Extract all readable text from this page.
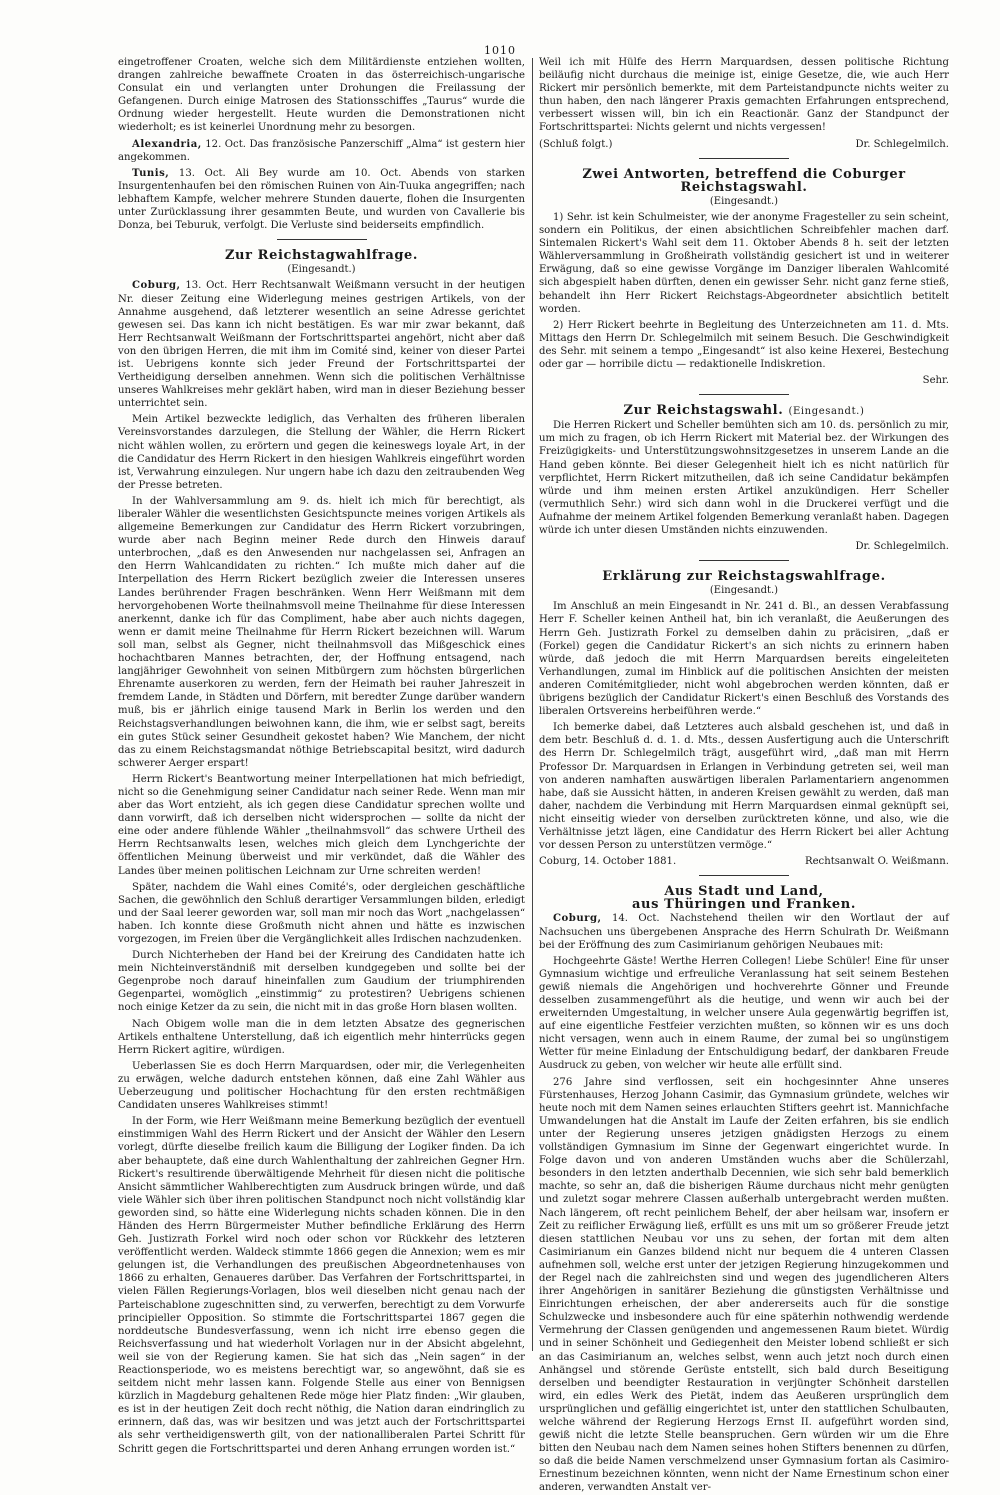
1010

eingetroffener Croaten, welche sich dem Militärdienste entziehen wollten, drangen zahlreiche bewaffnete Croaten in das österreichisch-ungarische Consulat ein und verlangten unter Drohungen die Freilassung der Gefangenen. Durch einige Matrosen des Stationsschiffes „Taurus“ wurde die Ordnung wieder hergestellt. Heute wurden die Demonstrationen nicht wiederholt; es ist keinerlei Unordnung mehr zu besorgen.

Alexandria, 12. Oct. Das französische Panzerschiff „Alma“ ist gestern hier angekommen.

Tunis, 13. Oct. Ali Bey wurde am 10. Oct. Abends von starken Insurgentenhaufen bei den römischen Ruinen von Ain-Tuuka angegriffen; nach lebhaftem Kampfe, welcher mehrere Stunden dauerte, flohen die Insurgenten unter Zurücklassung ihrer gesammten Beute, und wurden von Cavallerie bis Donza, bei Teburuk, verfolgt. Die Verluste sind beiderseits empfindlich.

Zur Reichstagwahlfrage.

(Eingesandt.)

Coburg, 13. Oct. Herr Rechtsanwalt Weißmann versucht in der heutigen Nr. dieser Zeitung eine Widerlegung meines gestrigen Artikels, von der Annahme ausgehend, daß letzterer wesentlich an seine Adresse gerichtet gewesen sei. Das kann ich nicht bestätigen. Es war mir zwar bekannt, daß Herr Rechtsanwalt Weißmann der Fortschrittspartei angehört, nicht aber daß von den übrigen Herren, die mit ihm im Comité sind, keiner von dieser Partei ist. Uebrigens konnte sich jeder Freund der Fortschrittspartei der Vertheidigung derselben annehmen. Wenn sich die politischen Verhältnisse unseres Wahlkreises mehr geklärt haben, wird man in dieser Beziehung besser unterrichtet sein.

Mein Artikel bezweckte lediglich, das Verhalten des früheren liberalen Vereinsvorstandes darzulegen, die Stellung der Wähler, die Herrn Rickert nicht wählen wollen, zu erörtern und gegen die keineswegs loyale Art, in der die Candidatur des Herrn Rickert in den hiesigen Wahlkreis eingeführt worden ist, Verwahrung einzulegen. Nur ungern habe ich dazu den zeitraubenden Weg der Presse betreten.

In der Wahlversammlung am 9. ds. hielt ich mich für berechtigt, als liberaler Wähler die wesentlichsten Gesichtspuncte meines vorigen Artikels als allgemeine Bemerkungen zur Candidatur des Herrn Rickert vorzubringen, wurde aber nach Beginn meiner Rede durch den Hinweis darauf unterbrochen, „daß es den Anwesenden nur nachgelassen sei, Anfragen an den Herrn Wahlcandidaten zu richten.“ Ich mußte mich daher auf die Interpellation des Herrn Rickert bezüglich zweier die Interessen unseres Landes berührender Fragen beschränken. Wenn Herr Weißmann mit dem hervorgehobenen Worte theilnahmsvoll meine Theilnahme für diese Interessen anerkennt, danke ich für das Compliment, habe aber auch nichts dagegen, wenn er damit meine Theilnahme für Herrn Rickert bezeichnen will. Warum soll man, selbst als Gegner, nicht theilnahmsvoll das Mißgeschick eines hochachtbaren Mannes betrachten, der, der Hoffnung entsagend, nach langjähriger Gewohnheit von seinen Mitbürgern zum höchsten bürgerlichen Ehrenamte auserkoren zu werden, fern der Heimath bei rauher Jahreszeit in fremdem Lande, in Städten und Dörfern, mit beredter Zunge darüber wandern muß, bis er jährlich einige tausend Mark in Berlin los werden und den Reichstagsverhandlungen beiwohnen kann, die ihm, wie er selbst sagt, bereits ein gutes Stück seiner Gesundheit gekostet haben? Wie Manchem, der nicht das zu einem Reichstagsmandat nöthige Betriebscapital besitzt, wird dadurch schwerer Aerger erspart!

Herrn Rickert's Beantwortung meiner Interpellationen hat mich befriedigt, nicht so die Genehmigung seiner Candidatur nach seiner Rede. Wenn man mir aber das Wort entzieht, als ich gegen diese Candidatur sprechen wollte und dann vorwirft, daß ich derselben nicht widersprochen — sollte da nicht der eine oder andere fühlende Wähler „theilnahmsvoll“ das schwere Urtheil des Herrn Rechtsanwalts lesen, welches mich gleich dem Lynchgerichte der öffentlichen Meinung überweist und mir verkündet, daß die Wähler des Landes über meinen politischen Leichnam zur Urne schreiten werden!

Später, nachdem die Wahl eines Comité's, oder dergleichen geschäftliche Sachen, die gewöhnlich den Schluß derartiger Versammlungen bilden, erledigt und der Saal leerer geworden war, soll man mir noch das Wort „nachgelassen“ haben. Ich konnte diese Großmuth nicht ahnen und hätte es inzwischen vorgezogen, im Freien über die Vergänglichkeit alles Irdischen nachzudenken.

Durch Nichterheben der Hand bei der Kreirung des Candidaten hatte ich mein Nichteinverständniß mit derselben kundgegeben und sollte bei der Gegenprobe noch darauf hineinfallen zum Gaudium der triumphirenden Gegenpartei, womöglich „einstimmig“ zu protestiren? Uebrigens schienen noch einige Ketzer da zu sein, die nicht mit in das große Horn blasen wollten.

Nach Obigem wolle man die in dem letzten Absatze des gegnerischen Artikels enthaltene Unterstellung, daß ich eigentlich mehr hinterrücks gegen Herrn Rickert agitire, würdigen.

Ueberlassen Sie es doch Herrn Marquardsen, oder mir, die Verlegenheiten zu erwägen, welche dadurch entstehen können, daß eine Zahl Wähler aus Ueberzeugung und politischer Hochachtung für den ersten rechtmäßigen Candidaten unseres Wahlkreises stimmt!

In der Form, wie Herr Weißmann meine Bemerkung bezüglich der eventuell einstimmigen Wahl des Herrn Rickert und der Ansicht der Wähler den Lesern vorlegt, dürfte dieselbe freilich kaum die Billigung der Logiker finden. Da ich aber behauptete, daß eine durch Wahlenthaltung der zahlreichen Gegner Hrn. Rickert's resultirende überwältigende Mehrheit für diesen nicht die politische Ansicht sämmtlicher Wahlberechtigten zum Ausdruck bringen würde, und daß viele Wähler sich über ihren politischen Standpunct noch nicht vollständig klar geworden sind, so hätte eine Widerlegung nichts schaden können. Die in den Händen des Herrn Bürgermeister Muther befindliche Erklärung des Herrn Geh. Justizrath Forkel wird noch oder schon vor Rückkehr des letzteren veröffentlicht werden. Waldeck stimmte 1866 gegen die Annexion; wem es mir gelungen ist, die Verhandlungen des preußischen Abgeordnetenhauses von 1866 zu erhalten, Genaueres darüber. Das Verfahren der Fortschrittspartei, in vielen Fällen Regierungs-Vorlagen, blos weil dieselben nicht genau nach der Parteischablone zugeschnitten sind, zu verwerfen, berechtigt zu dem Vorwurfe principieller Opposition. So stimmte die Fortschrittspartei 1867 gegen die norddeutsche Bundesverfassung, wenn ich nicht irre ebenso gegen die Reichsverfassung und hat wiederholt Vorlagen nur in der Absicht abgelehnt, weil sie von der Regierung kamen. Sie hat sich das „Nein sagen“ in der Reactionsperiode, wo es meistens berechtigt war, so angewöhnt, daß sie es seitdem nicht mehr lassen kann. Folgende Stelle aus einer von Bennigsen kürzlich in Magdeburg gehaltenen Rede möge hier Platz finden: „Wir glauben, es ist in der heutigen Zeit doch recht nöthig, die Nation daran eindringlich zu erinnern, daß das, was wir besitzen und was jetzt auch der Fortschrittspartei als sehr vertheidigenswerth gilt, von der nationalliberalen Partei Schritt für Schritt gegen die Fortschrittspartei und deren Anhang errungen worden ist.“

Weil ich mit Hülfe des Herrn Marquardsen, dessen politische Richtung beiläufig nicht durchaus die meinige ist, einige Gesetze, die, wie auch Herr Rickert mir persönlich bemerkte, mit dem Parteistandpuncte nichts weiter zu thun haben, den nach längerer Praxis gemachten Erfahrungen entsprechend, verbessert wissen will, bin ich ein Reactionär. Ganz der Standpunct der Fortschrittspartei: Nichts gelernt und nichts vergessen!

(Schluß folgt.)	Dr. Schlegelmilch.

Zwei Antworten, betreffend die Coburger Reichstagswahl.

(Eingesandt.)

1) Sehr. ist kein Schulmeister, wie der anonyme Fragesteller zu sein scheint, sondern ein Politikus, der einen absichtlichen Schreibfehler machen darf. Sintemalen Rickert's Wahl seit dem 11. Oktober Abends 8 h. seit der letzten Wählerversammlung in Großheirath vollständig gesichert ist und in weiterer Erwägung, daß so eine gewisse Vorgänge im Danziger liberalen Wahlcomité sich abgespielt haben dürften, denen ein gewisser Sehr. nicht ganz ferne stieß, behandelt ihn Herr Rickert Reichstags-Abgeordneter absichtlich betitelt worden.

2) Herr Rickert beehrte in Begleitung des Unterzeichneten am 11. d. Mts. Mittags den Herrn Dr. Schlegelmilch mit seinem Besuch. Die Geschwindigkeit des Sehr. mit seinem a tempo „Eingesandt“ ist also keine Hexerei, Bestechung oder gar — horribile dictu — redaktionelle Indiskretion.

Sehr.

Zur Reichstagswahl. (Eingesandt.)

Die Herren Rickert und Scheller bemühten sich am 10. ds. persönlich zu mir, um mich zu fragen, ob ich Herrn Rickert mit Material bez. der Wirkungen des Freizügigkeits- und Unterstützungswohnsitzgesetzes in unserem Lande an die Hand geben könnte. Bei dieser Gelegenheit hielt ich es nicht natürlich für verpflichtet, Herrn Rickert mitzutheilen, daß ich seine Candidatur bekämpfen würde und ihm meinen ersten Artikel anzukündigen. Herr Scheller (vermuthlich Sehr.) wird sich dann wohl in die Druckerei verfügt und die Aufnahme der meinem Artikel folgenden Bemerkung veranlaßt haben. Dagegen würde ich unter diesen Umständen nichts einzuwenden.

Dr. Schlegelmilch.

Erklärung zur Reichstagswahlfrage.

(Eingesandt.)

Im Anschluß an mein Eingesandt in Nr. 241 d. Bl., an dessen Verabfassung Herr F. Scheller keinen Antheil hat, bin ich veranlaßt, die Aeußerungen des Herrn Geh. Justizrath Forkel zu demselben dahin zu präcisiren, „daß er (Forkel) gegen die Candidatur Rickert's an sich nichts zu erinnern haben würde, daß jedoch die mit Herrn Marquardsen bereits eingeleiteten Verhandlungen, zumal im Hinblick auf die politischen Ansichten der meisten anderen Comitémitglieder, nicht wohl abgebrochen werden könnten, daß er übrigens bezüglich der Candidatur Rickert's einen Beschluß des Vorstands des liberalen Ortsvereins herbeiführen werde.“

Ich bemerke dabei, daß Letzteres auch alsbald geschehen ist, und daß in dem betr. Beschluß d. d. 1. d. Mts., dessen Ausfertigung auch die Unterschrift des Herrn Dr. Schlegelmilch trägt, ausgeführt wird, „daß man mit Herrn Professor Dr. Marquardsen in Erlangen in Verbindung getreten sei, weil man von anderen namhaften auswärtigen liberalen Parlamentariern angenommen habe, daß sie Aussicht hätten, in anderen Kreisen gewählt zu werden, daß man daher, nachdem die Verbindung mit Herrn Marquardsen einmal geknüpft sei, nicht einseitig wieder von derselben zurücktreten könne, und also, wie die Verhältnisse jetzt lägen, eine Candidatur des Herrn Rickert bei aller Achtung vor dessen Person zu unterstützen vermöge.“

Coburg, 14. October 1881.	Rechtsanwalt O. Weißmann.

Aus Stadt und Land,
aus Thüringen und Franken.

Coburg, 14. Oct. Nachstehend theilen wir den Wortlaut der auf Nachsuchen uns übergebenen Ansprache des Herrn Schulrath Dr. Weißmann bei der Eröffnung des zum Casimirianum gehörigen Neubaues mit:

Hochgeehrte Gäste! Werthe Herren Collegen! Liebe Schüler! Eine für unser Gymnasium wichtige und erfreuliche Veranlassung hat seit seinem Bestehen gewiß niemals die Angehörigen und hochverehrte Gönner und Freunde desselben zusammengeführt als die heutige, und wenn wir auch bei der erweiternden Umgestaltung, in welcher unsere Aula gegenwärtig begriffen ist, auf eine eigentliche Festfeier verzichten mußten, so können wir es uns doch nicht versagen, wenn auch in einem Raume, der zumal bei so ungünstigem Wetter für meine Einladung der Entschuldigung bedarf, der dankbaren Freude Ausdruck zu geben, von welcher wir heute alle erfüllt sind.

276 Jahre sind verflossen, seit ein hochgesinnter Ahne unseres Fürstenhauses, Herzog Johann Casimir, das Gymnasium gründete, welches wir heute noch mit dem Namen seines erlauchten Stifters geehrt ist. Mannichfache Umwandelungen hat die Anstalt im Laufe der Zeiten erfahren, bis sie endlich unter der Regierung unseres jetzigen gnädigsten Herzogs zu einem vollständigen Gymnasium im Sinne der Gegenwart eingerichtet wurde. In Folge davon und von anderen Umständen wuchs aber die Schülerzahl, besonders in den letzten anderthalb Decennien, wie sich sehr bald bemerklich machte, so sehr an, daß die bisherigen Räume durchaus nicht mehr genügten und zuletzt sogar mehrere Classen außerhalb untergebracht werden mußten. Nach längerem, oft recht peinlichem Behelf, der aber heilsam war, insofern er Zeit zu reiflicher Erwägung ließ, erfüllt es uns mit um so größerer Freude jetzt diesen stattlichen Neubau vor uns zu sehen, der fortan mit dem alten Casimirianum ein Ganzes bildend nicht nur bequem die 4 unteren Classen aufnehmen soll, welche erst unter der jetzigen Regierung hinzugekommen und der Regel nach die zahlreichsten sind und wegen des jugendlicheren Alters ihrer Angehörigen in sanitärer Beziehung die günstigsten Verhältnisse und Einrichtungen erheischen, der aber andererseits auch für die sonstige Schulzwecke und insbesondere auch für eine späterhin nothwendig werdende Vermehrung der Classen genügenden und angemessenen Raum bietet. Würdig und in seiner Schönheit und Gediegenheit den Meister lobend schließt er sich an das Casimirianum an, welches selbst, wenn auch jetzt noch durch einen Anhängsel und störende Gerüste entstellt, sich bald durch Beseitigung derselben und beendigter Restauration in verjüngter Schönheit darstellen wird, ein edles Werk des Pietät, indem das Aeußeren ursprünglich dem ursprünglichen und gefällig eingerichtet ist, unter den stattlichen Schulbauten, welche während der Regierung Herzogs Ernst II. aufgeführt worden sind, gewiß nicht die letzte Stelle beanspruchen. Gern würden wir um die Ehre bitten den Neubau nach dem Namen seines hohen Stifters benennen zu dürfen, so daß die beide Namen verschmelzend unser Gymnasium fortan als Casimiro-Ernestinum bezeichnen könnten, wenn nicht der Name Ernestinum schon einer anderen, verwandten Anstalt ver-
